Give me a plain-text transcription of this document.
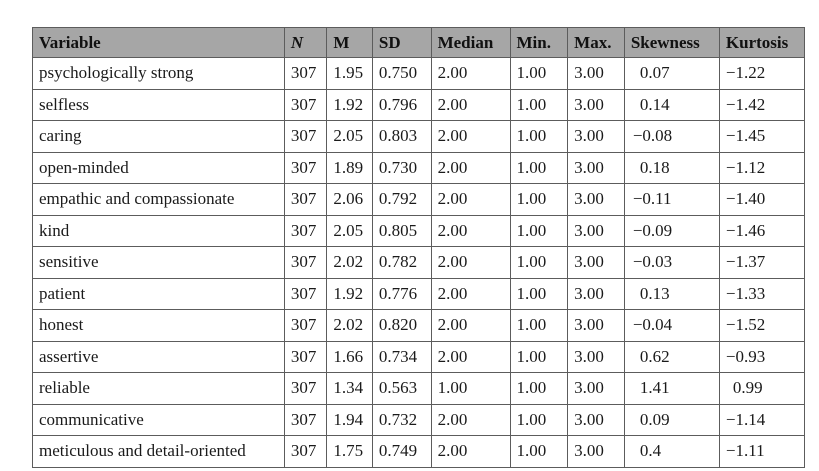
Variable	N	M	SD	Median	Min.	Max.	Skewness	Kurtosis
psychologically strong	307	1.95	0.750	2.00	1.00	3.00	0.07	−1.22
selfless	307	1.92	0.796	2.00	1.00	3.00	0.14	−1.42
caring	307	2.05	0.803	2.00	1.00	3.00	−0.08	−1.45
open-minded	307	1.89	0.730	2.00	1.00	3.00	0.18	−1.12
empathic and compassionate	307	2.06	0.792	2.00	1.00	3.00	−0.11	−1.40
kind	307	2.05	0.805	2.00	1.00	3.00	−0.09	−1.46
sensitive	307	2.02	0.782	2.00	1.00	3.00	−0.03	−1.37
patient	307	1.92	0.776	2.00	1.00	3.00	0.13	−1.33
honest	307	2.02	0.820	2.00	1.00	3.00	−0.04	−1.52
assertive	307	1.66	0.734	2.00	1.00	3.00	0.62	−0.93
reliable	307	1.34	0.563	1.00	1.00	3.00	1.41	0.99
communicative	307	1.94	0.732	2.00	1.00	3.00	0.09	−1.14
meticulous and detail-oriented	307	1.75	0.749	2.00	1.00	3.00	0.4	−1.11
